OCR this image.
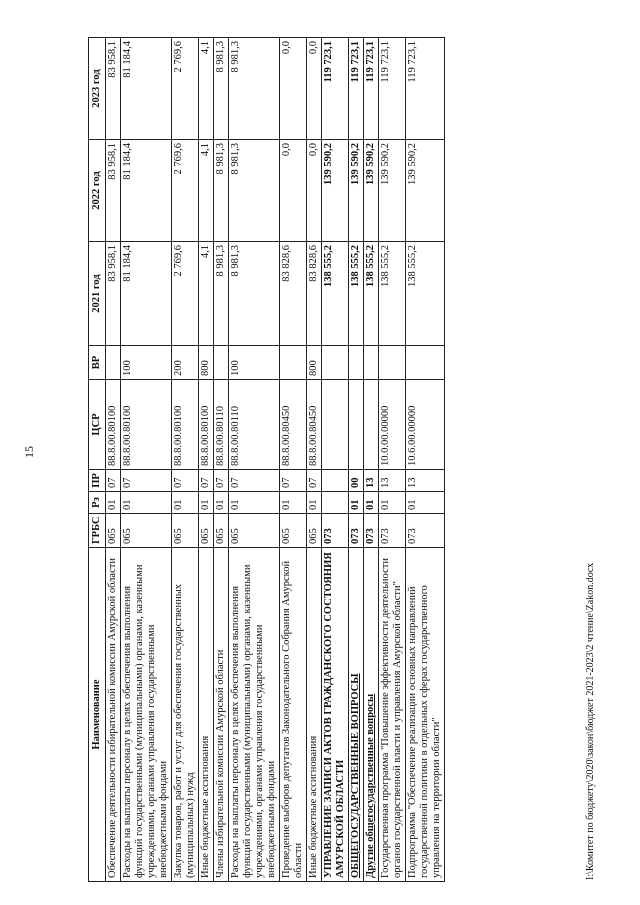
15
Наименование	ГРБС	Рз	ПР	ЦСР	ВР	2021 год	2022 год	2023 год
Обеспечение деятельности избирательной комиссии Амурской области	065	01	07	88.8.00.80100		83 958,1	83 958,1	83 958,1
Расходы на выплаты персоналу в целях обеспечения выполнения функций государственными (муниципальными) органами, казенными учреждениями, органами управления государственными внебюджетными фондами	065	01	07	88.8.00.80100	100	81 184,4	81 184,4	81 184,4
Закупка товаров, работ и услуг для обеспечения государственных (муниципальных) нужд	065	01	07	88.8.00.80100	200	2 769,6	2 769,6	2 769,6
Иные бюджетные ассигнования	065	01	07	88.8.00.80100	800	4,1	4,1	4,1
Члены избирательной комиссии Амурской области	065	01	07	88.8.00.80110		8 981,3	8 981,3	8 981,3
Расходы на выплаты персоналу в целях обеспечения выполнения функций государственными (муниципальными) органами, казенными учреждениями, органами управления государственными внебюджетными фондами	065	01	07	88.8.00.80110	100	8 981,3	8 981,3	8 981,3
Проведение выборов депутатов Законодательного Собрания Амурской области	065	01	07	88.8.00.80450		83 828,6	0,0	0,0
Иные бюджетные ассигнования	065	01	07	88.8.00.80450	800	83 828,6	0,0	0,0
УПРАВЛЕНИЕ ЗАПИСИ АКТОВ ГРАЖДАНСКОГО СОСТОЯНИЯ АМУРСКОЙ ОБЛАСТИ	073					138 555,2	139 590,2	119 723,1
ОБЩЕГОСУДАРСТВЕННЫЕ ВОПРОСЫ	073	01	00			138 555,2	139 590,2	119 723,1
Другие общегосударственные вопросы	073	01	13			138 555,2	139 590,2	119 723,1
Государственная программа "Повышение эффективности деятельности органов государственной власти и управления Амурской области"	073	01	13	10.0.00.00000		138 555,2	139 590,2	119 723,1
Подпрограмма "Обеспечение реализации основных направлений государственной политики в отдельных сферах государственного управления на территории области"	073	01	13	10.6.00.00000		138 555,2	139 590,2	119 723,1
I:\Комитет по бюджету\2020\закон\бюджет 2021-2023\2 чтение\Zakon.docx
